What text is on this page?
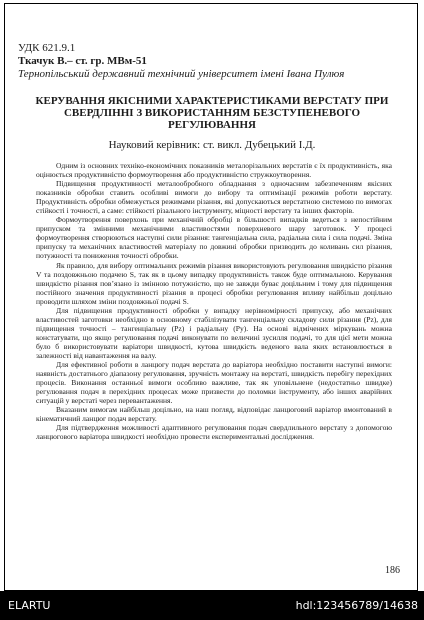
УДК 621.9.1

Ткачук В.– ст. гр. МВм-51

Тернопільський державний технічний університет імені Івана Пулюя

КЕРУВАННЯ ЯКІСНИМИ ХАРАКТЕРИСТИКАМИ ВЕРСТАТУ ПРИ СВЕРДЛІННІ З ВИКОРИСТАННЯМ БЕЗСТУПЕНЕВОГО РЕГУЛЮВАННЯ
Науковий керівник: ст. викл. Дубецький І.Д.

Одним із основних техніко-економічних показників металорізальних верстатів є їх продуктивність, яка оцінюється продуктивністю формоутворення або продуктивністю стружкоутворення.

Підвищення продуктивності металообробного обладнання з одночасним забезпеченням якісних показників обробки ставить особливі вимоги до вибору та оптимізації режимів роботи верстату. Продуктивність обробки обмежується режимами різання, які допускаються верстатною системою по вимогах стійкості і точності, а саме: стійкості різального інструменту, міцності верстату та інших факторів.

Формоутворення поверхонь при механічній обробці в більшості випадків ведеться з непостійним припуском та змінними механічними властивостями поверхневого шару заготовок. У процесі формоутворення створюються наступні сили різання: тангенціальна сила, радіальна сила і сила подачі. Зміна припуску та механічних властивостей матеріалу по довжині обробки призводить до коливань сил різання, потужності та пониження точності обробки.

Як правило, для вибору оптимальних режимів різання використовують регулювання швидкістю різання V та поздовжньою подачею S, так як в цьому випадку продуктивність також буде оптимальною. Керування швидкістю різання пов’язано із змінною потужністю, що не завжди буває доцільним і тому для підвищення постійного значення продуктивності різання в процесі обробки регулювання впливу найбільш доцільно проводити шляхом зміни поздовжньої подачі S.

Для підвищення продуктивності обробки у випадку нерівномірності припуску, або механічних властивостей заготовки необхідно в основному стабілізувати тангенціальну складову сили різання (Pz), для підвищення точності – тангенціальну (Pz) і радіальну (Py). На основі відмічених міркувань можна констатувати, що якщо регулювання подачі виконувати по величині зусилля подачі, то для цієї мети можна було б використовувати варіатори швидкості, кутова швидкість веденого вала яких встановлюється в залежності від навантаження на валу.

Для ефективної роботи в ланцюгу подач верстата до варіатора необхідно поставити наступні вимоги: наявність достатнього діапазону регулювання, зручність монтажу на верстаті, швидкість перебігу перехідних процесів. Виконання останньої вимоги особливо важливе, так як уповільнене (недостатньо швидке) регулювання подач в перехідних процесах може призвести до поломки інструменту, або інших аварійних ситуацій у верстаті через перевантаження.

Вказаним вимогам найбільш доцільно, на наш погляд, відповідає ланцюговий варіатор вмонтований в кінематичний ланцюг подач верстату.

Для підтвердження можливості адаптивного регулювання подач свердлильного верстату з допомогою ланцюгового варіатора швидкості необхідно провести експериментальні дослідження.

186
ELARTU	hdl:123456789/14638
